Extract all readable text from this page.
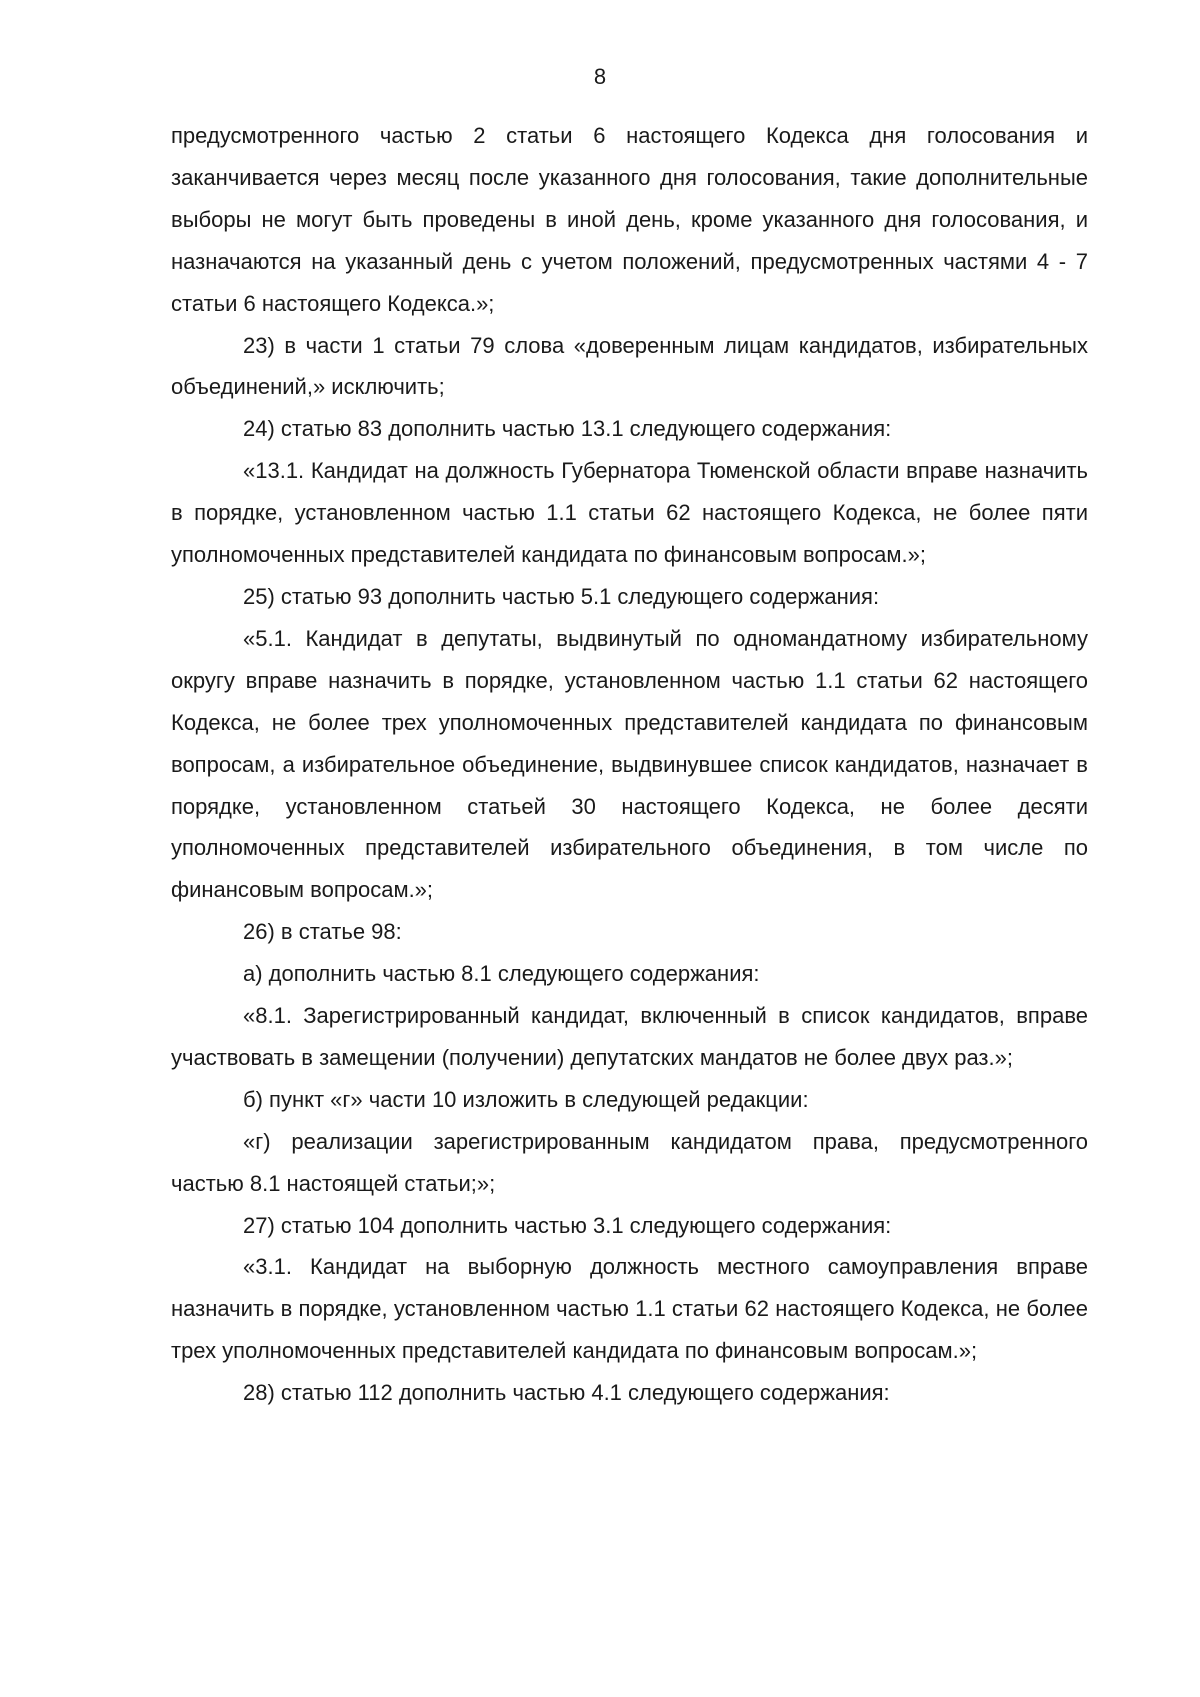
8

предусмотренного частью 2 статьи 6 настоящего Кодекса дня голосования и заканчивается через месяц после указанного дня голосования, такие дополнительные выборы не могут быть проведены в иной день, кроме указанного дня голосования, и назначаются на указанный день с учетом положений, предусмотренных частями 4 - 7 статьи 6 настоящего Кодекса.»;

23) в части 1 статьи 79 слова «доверенным лицам кандидатов, избирательных объединений,» исключить;

24) статью 83 дополнить частью 13.1 следующего содержания:

«13.1. Кандидат на должность Губернатора Тюменской области вправе назначить в порядке, установленном частью 1.1 статьи 62 настоящего Кодекса, не более пяти уполномоченных представителей кандидата по финансовым вопросам.»;

25) статью 93 дополнить частью 5.1 следующего содержания:

«5.1. Кандидат в депутаты, выдвинутый по одномандатному избирательному округу вправе назначить в порядке, установленном частью 1.1 статьи 62 настоящего Кодекса, не более трех уполномоченных представителей кандидата по финансовым вопросам, а избирательное объединение, выдвинувшее список кандидатов, назначает в порядке, установленном статьей 30 настоящего Кодекса, не более десяти уполномоченных представителей избирательного объединения, в том числе по финансовым вопросам.»;

26) в статье 98:

а) дополнить частью 8.1 следующего содержания:

«8.1. Зарегистрированный кандидат, включенный в список кандидатов, вправе участвовать в замещении (получении) депутатских мандатов не более двух раз.»;

б) пункт «г» части 10 изложить в следующей редакции:

«г) реализации зарегистрированным кандидатом права, предусмотренного частью 8.1 настоящей статьи;»;

27) статью 104 дополнить частью 3.1 следующего содержания:

«3.1. Кандидат на выборную должность местного самоуправления вправе назначить в порядке, установленном частью 1.1 статьи 62 настоящего Кодекса, не более трех уполномоченных представителей кандидата по финансовым вопросам.»;

28) статью 112 дополнить частью 4.1 следующего содержания:
